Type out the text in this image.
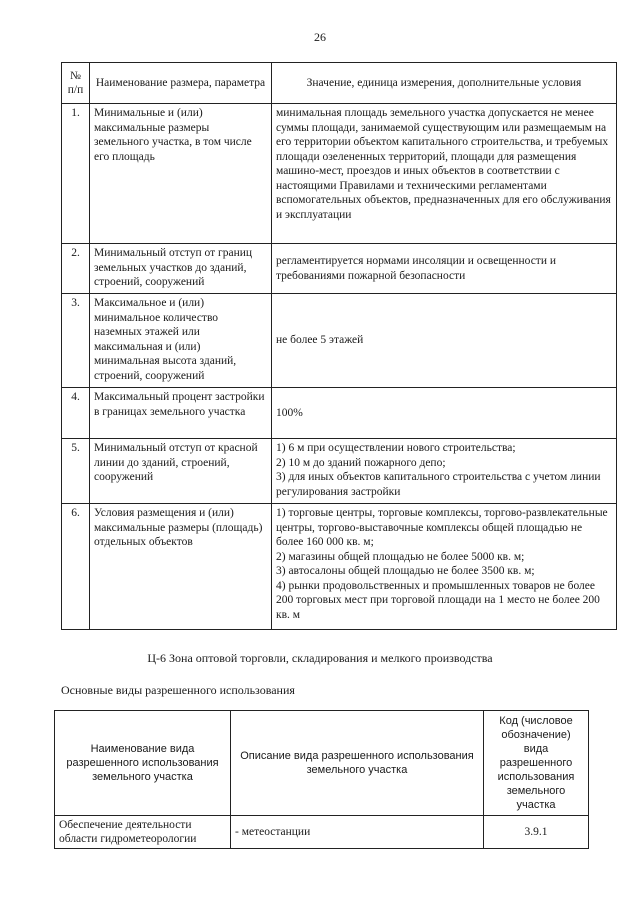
26
№ п/п	Наименование размера, параметра	Значение, единица измерения, дополнительные условия
1.	Минимальные и (или) максимальные размеры земельного участка, в том числе его площадь	минимальная площадь земельного участка допускается не менее суммы площади, занимаемой существующим или размещаемым на его территории объектом капитального строительства, и требуемых площади озелененных территорий, площади для размещения машино-мест, проездов и иных объектов в соответствии с настоящими Правилами и техническими регламентами вспомогательных объектов, предназначенных для его обслуживания и эксплуатации
2.	Минимальный отступ от границ земельных участков до зданий, строений, сооружений	регламентируется нормами инсоляции и освещенности и требованиями пожарной безопасности
3.	Максимальное и (или) минимальное количество наземных этажей или максимальная и (или) минимальная высота зданий, строений, сооружений	не более 5 этажей
4.	Максимальный процент застройки в границах земельного участка	100%
5.	Минимальный отступ от красной линии до зданий, строений, сооружений	1) 6 м при осуществлении нового строительства;
2) 10 м до зданий пожарного депо;
3) для иных объектов капитального строительства с учетом линии регулирования застройки
6.	Условия размещения и (или) максимальные размеры (площадь) отдельных объектов	1) торговые центры, торговые комплексы, торгово-развлекательные центры, торгово-выставочные комплексы общей площадью не более 160 000 кв. м;
2) магазины общей площадью не более 5000 кв. м;
3) автосалоны общей площадью не более 3500 кв. м;
4) рынки продовольственных и промышленных товаров не более 200 торговых мест при торговой площади на 1 место не более 200 кв. м
Ц-6 Зона оптовой торговли, складирования и мелкого производства
Основные виды разрешенного использования
Наименование вида разрешенного использования земельного участка	Описание вида разрешенного использования земельного участка	Код (числовое обозначение) вида разрешенного использования земельного участка
Обеспечение деятельности области гидрометеорологии	- метеостанции	3.9.1
